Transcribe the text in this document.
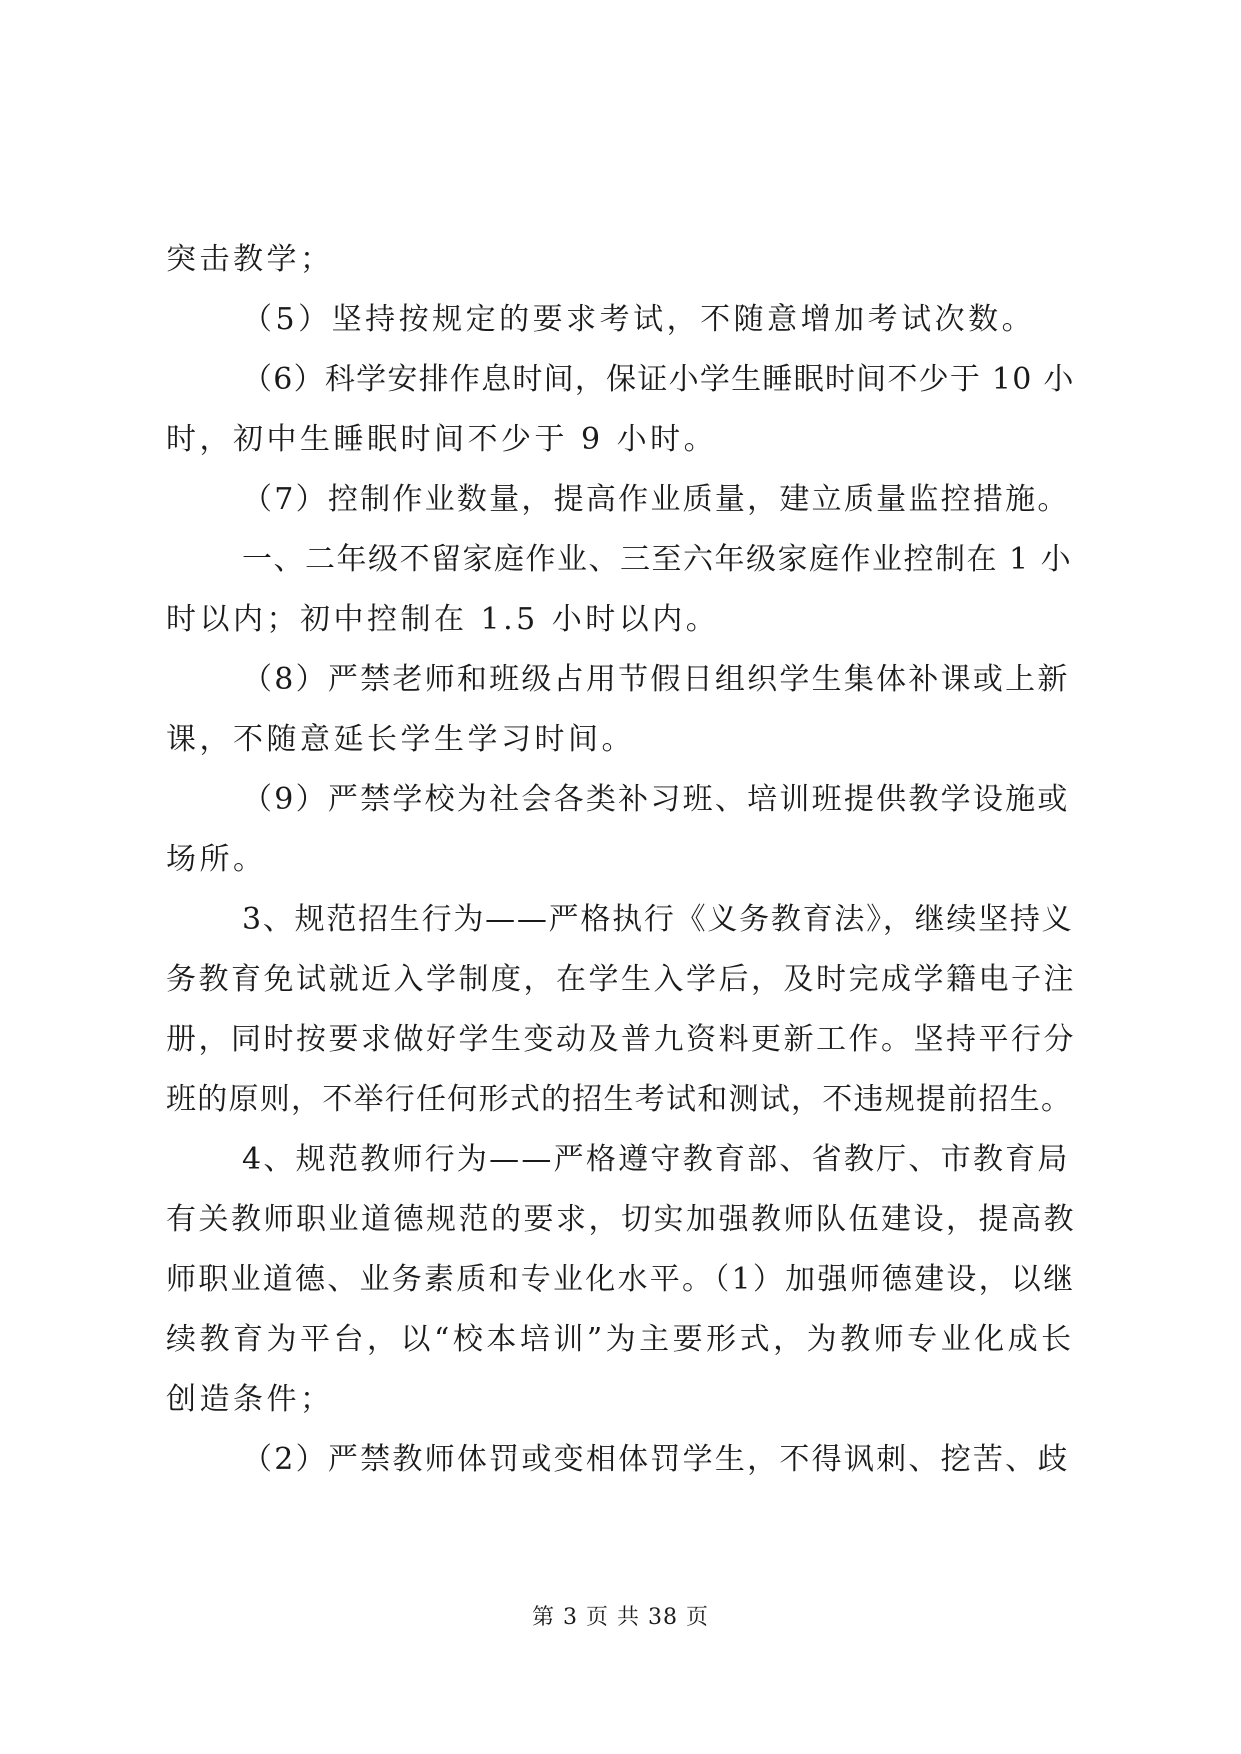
突击教学；
（5）坚持按规定的要求考试，不随意增加考试次数。
（6）科学安排作息时间，保证小学生睡眠时间不少于 10 小
时，初中生睡眠时间不少于 9 小时。
（7）控制作业数量，提高作业质量，建立质量监控措施。
一、二年级不留家庭作业、三至六年级家庭作业控制在 1 小
时以内；初中控制在 1.5 小时以内。
（8）严禁老师和班级占用节假日组织学生集体补课或上新
课，不随意延长学生学习时间。
（9）严禁学校为社会各类补习班、培训班提供教学设施或
场所。
3、规范招生行为——严格执行《义务教育法》，继续坚持义
务教育免试就近入学制度，在学生入学后，及时完成学籍电子注
册，同时按要求做好学生变动及普九资料更新工作。坚持平行分
班的原则，不举行任何形式的招生考试和测试，不违规提前招生。
4、规范教师行为——严格遵守教育部、省教厅、市教育局
有关教师职业道德规范的要求，切实加强教师队伍建设，提高教
师职业道德、业务素质和专业化水平。（1）加强师德建设，以继
续教育为平台，以“校本培训”为主要形式，为教师专业化成长
创造条件；
（2）严禁教师体罚或变相体罚学生，不得讽刺、挖苦、歧
第 3 页 共 38 页
